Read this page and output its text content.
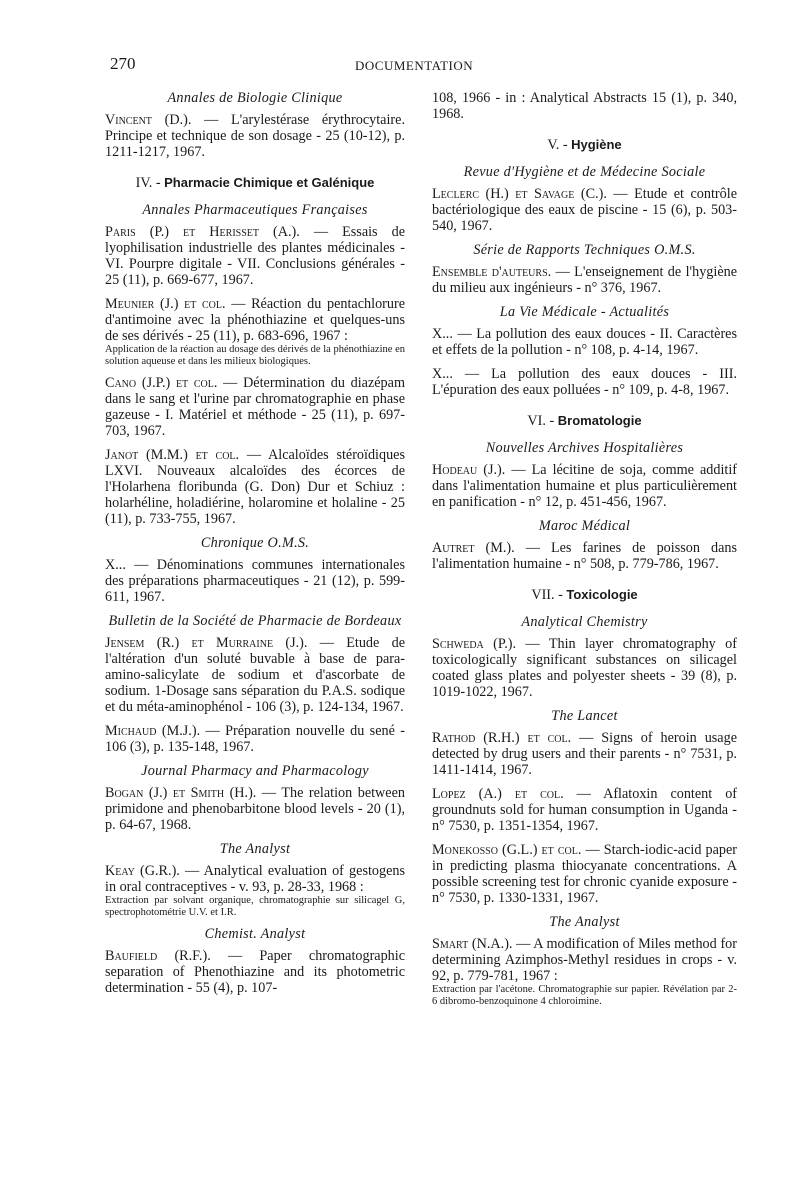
270	DOCUMENTATION
Annales de Biologie Clinique
Vincent (D.). — L'arylestérase érythrocytaire. Principe et technique de son dosage - 25 (10-12), p. 1211-1217, 1967.
IV. - Pharmacie Chimique et Galénique
Annales Pharmaceutiques Françaises
Paris (P.) et Herisset (A.). — Essais de lyophilisation industrielle des plantes médicinales - VI. Pourpre digitale - VII. Conclusions générales - 25 (11), p. 669-677, 1967.
Meunier (J.) et col. — Réaction du pentachlorure d'antimoine avec la phénothiazine et quelques-uns de ses dérivés - 25 (11), p. 683-696, 1967 :

Application de la réaction au dosage des dérivés de la phénothiazine en solution aqueuse et dans les milieux biologiques.

Cano (J.P.) et col. — Détermination du diazépam dans le sang et l'urine par chromatographie en phase gazeuse - I. Matériel et méthode - 25 (11), p. 697-703, 1967.
Janot (M.M.) et col. — Alcaloïdes stéroïdiques LXVI. Nouveaux alcaloïdes des écorces de l'Holarhena floribunda (G. Don) Dur et Schiuz : holarhéline, holadiérine, holaromine et holaline - 25 (11), p. 733-755, 1967.
Chronique O.M.S.
X... — Dénominations communes internationales des préparations pharmaceutiques - 21 (12), p. 599-611, 1967.
Bulletin de la Société de Pharmacie de Bordeaux
Jensem (R.) et Murraine (J.). — Etude de l'altération d'un soluté buvable à base de para-amino-salicylate de sodium et d'ascorbate de sodium. 1-Dosage sans séparation du P.A.S. sodique et du méta-aminophénol - 106 (3), p. 124-134, 1967.
Michaud (M.J.). — Préparation nouvelle du sené - 106 (3), p. 135-148, 1967.
Journal Pharmacy and Pharmacology
Bogan (J.) et Smith (H.). — The relation between primidone and phenobarbitone blood levels - 20 (1), p. 64-67, 1968.
The Analyst
Keay (G.R.). — Analytical evaluation of gestogens in oral contraceptives - v. 93, p. 28-33, 1968 :

Extraction par solvant organique, chromatographie sur silicagel G, spectrophotométrie U.V. et I.R.

Chemist. Analyst
Baufield (R.F.). — Paper chromatographic separation of Phenothiazine and its photometric determination - 55 (4), p. 107-
108, 1966 - in : Analytical Abstracts 15 (1), p. 340, 1968.
V. - Hygiène
Revue d'Hygiène et de Médecine Sociale
Leclerc (H.) et Savage (C.). — Etude et contrôle bactériologique des eaux de piscine - 15 (6), p. 503-540, 1967.
Série de Rapports Techniques O.M.S.
Ensemble d'auteurs. — L'enseignement de l'hygiène du milieu aux ingénieurs - n° 376, 1967.
La Vie Médicale - Actualités
X... — La pollution des eaux douces - II. Caractères et effets de la pollution - n° 108, p. 4-14, 1967.
X... — La pollution des eaux douces - III. L'épuration des eaux polluées - n° 109, p. 4-8, 1967.
VI. - Bromatologie
Nouvelles Archives Hospitalières
Hodeau (J.). — La lécitine de soja, comme additif dans l'alimentation humaine et plus particulièrement en panification - n° 12, p. 451-456, 1967.
Maroc Médical
Autret (M.). — Les farines de poisson dans l'alimentation humaine - n° 508, p. 779-786, 1967.
VII. - Toxicologie
Analytical Chemistry
Schweda (P.). — Thin layer chromatography of toxicologically significant substances on silicagel coated glass plates and polyester sheets - 39 (8), p. 1019-1022, 1967.
The Lancet
Rathod (R.H.) et col. — Signs of heroin usage detected by drug users and their parents - n° 7531, p. 1411-1414, 1967.
Lopez (A.) et col. — Aflatoxin content of groundnuts sold for human consumption in Uganda - n° 7530, p. 1351-1354, 1967.
Monekosso (G.L.) et col. — Starch-iodic-acid paper in predicting plasma thiocyanate concentrations. A possible screening test for chronic cyanide exposure - n° 7530, p. 1330-1331, 1967.
The Analyst
Smart (N.A.). — A modification of Miles method for determining Azimphos-Methyl residues in crops - v. 92, p. 779-781, 1967 :

Extraction par l'acétone. Chromatographie sur papier. Révélation par 2-6 dibromo-benzoquinone 4 chloroimine.
